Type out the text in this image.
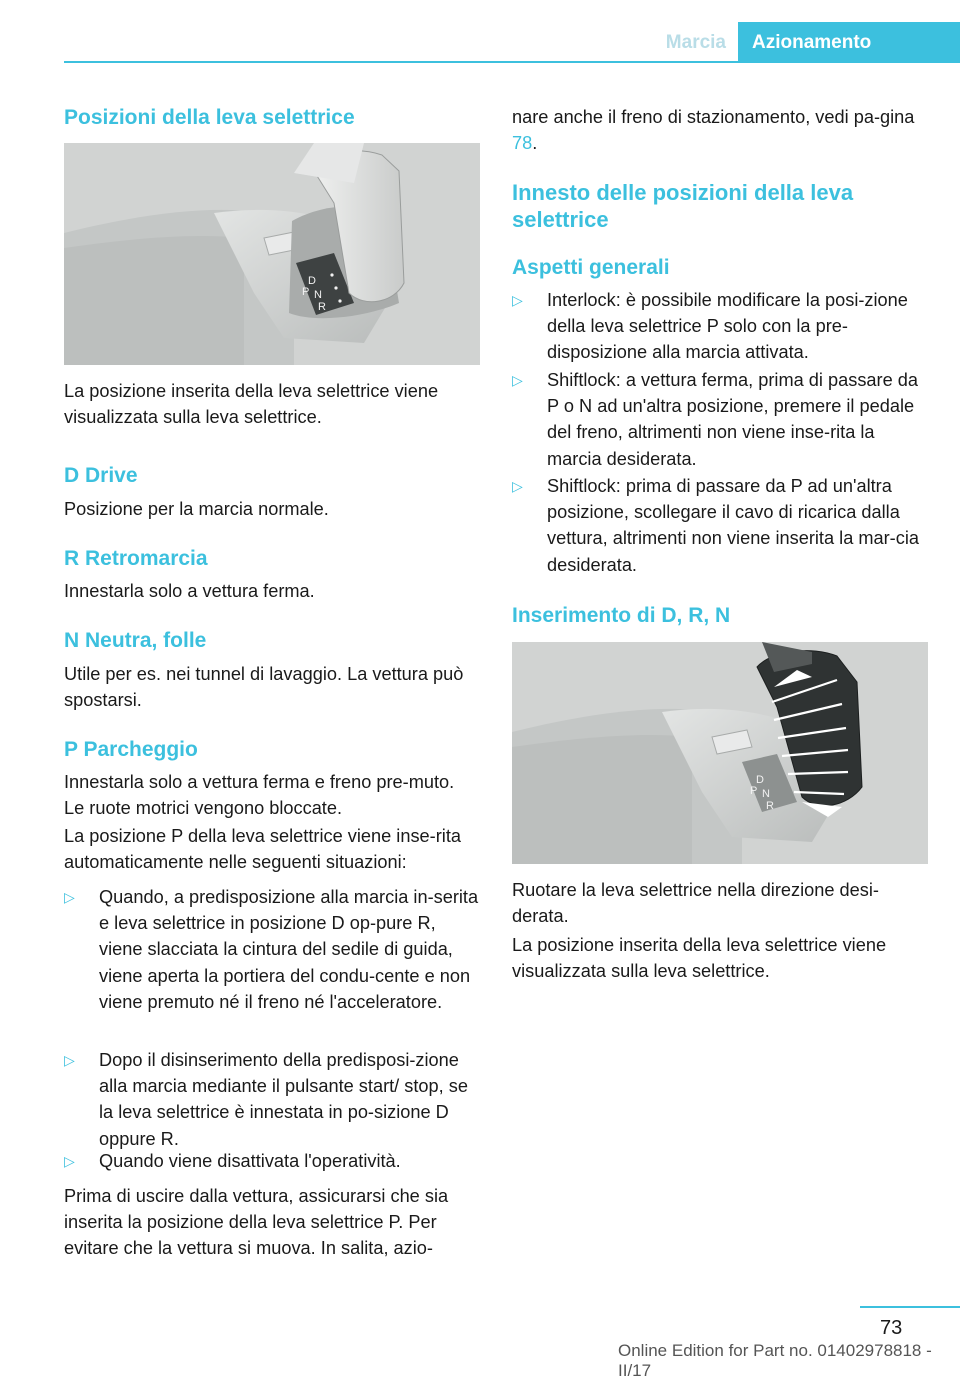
Marcia	Azionamento
Posizioni della leva selettrice
D
P N
R

La posizione inserita della leva selettrice viene visualizzata sulla leva selettrice.

D Drive

Posizione per la marcia normale.

R Retromarcia

Innestarla solo a vettura ferma.

N Neutra, folle

Utile per es. nei tunnel di lavaggio. La vettura può spostarsi.

P Parcheggio

Innestarla solo a vettura ferma e freno pre-muto. Le ruote motrici vengono bloccate.

La posizione P della leva selettrice viene inse-rita automaticamente nelle seguenti situazioni:

▷ Quando, a predisposizione alla marcia in-serita e leva selettrice in posizione D op-pure R, viene slacciata la cintura del sedile di guida, viene aperta la portiera del condu-cente e non viene premuto né il freno né l'acceleratore.
▷ Dopo il disinserimento della predisposi-zione alla marcia mediante il pulsante start/ stop, se la leva selettrice è innestata in po-sizione D oppure R.
▷ Quando viene disattivata l'operatività.

Prima di uscire dalla vettura, assicurarsi che sia inserita la posizione della leva selettrice P. Per evitare che la vettura si muova. In salita, azio-

nare anche il freno di stazionamento, vedi pa-gina 78.

Innesto delle posizioni della leva selettrice
Aspetti generali
▷ Interlock: è possibile modificare la posi-zione della leva selettrice P solo con la pre-disposizione alla marcia attivata.
▷ Shiftlock: a vettura ferma, prima di passare da P o N ad un'altra posizione, premere il pedale del freno, altrimenti non viene inse-rita la marcia desiderata.
▷ Shiftlock: prima di passare da P ad un'altra posizione, scollegare il cavo di ricarica dalla vettura, altrimenti non viene inserita la mar-cia desiderata.
Inserimento di D, R, N
D
P N
R

Ruotare la leva selettrice nella direzione desi-derata.

La posizione inserita della leva selettrice viene visualizzata sulla leva selettrice.

73
Online Edition for Part no. 01402978818 - II/17
